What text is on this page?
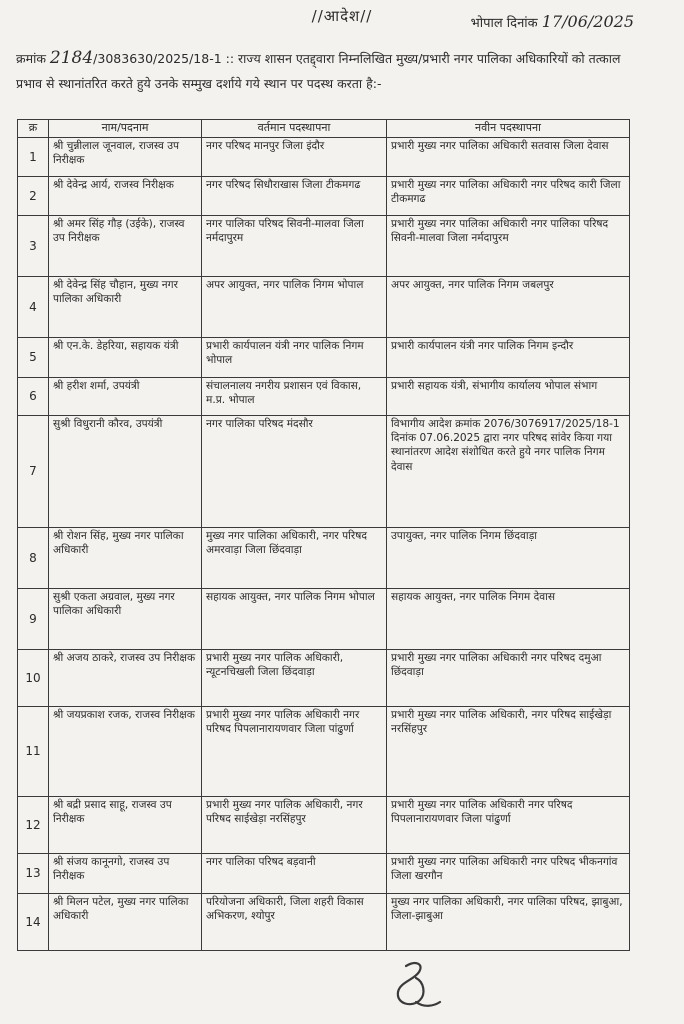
//आदेश//	भोपाल दिनांक 17/06/2025
क्रमांक 2184/3083630/2025/18-1 :: राज्य शासन एतद्द्वारा निम्नलिखित मुख्य/प्रभारी नगर पालिका अधिकारियों को तत्काल प्रभाव से स्थानांतरित करते हुये उनके सम्मुख दर्शाये गये स्थान पर पदस्थ करता है:-
क्र	नाम/पदनाम	वर्तमान पदस्थापना	नवीन पदस्थापना
1	श्री चुन्नीलाल जूनवाल, राजस्व उप निरीक्षक	नगर परिषद मानपुर जिला इंदौर	प्रभारी मुख्य नगर पालिका अधिकारी सतवास जिला देवास
2	श्री देवेन्द्र आर्य, राजस्व निरीक्षक	नगर परिषद सिधौराखास जिला टीकमगढ	प्रभारी मुख्य नगर पालिका अधिकारी नगर परिषद कारी जिला टीकमगढ
3	श्री अमर सिंह गौड़ (उईके), राजस्व उप निरीक्षक	नगर पालिका परिषद सिवनी-मालवा जिला नर्मदापुरम	प्रभारी मुख्य नगर पालिका अधिकारी नगर पालिका परिषद सिवनी-मालवा जिला नर्मदापुरम
4	श्री देवेन्द्र सिंह चौहान, मुख्य नगर पालिका अधिकारी	अपर आयुक्त, नगर पालिक निगम भोपाल	अपर आयुक्त, नगर पालिक निगम जबलपुर
5	श्री एन.के. डेहरिया, सहायक यंत्री	प्रभारी कार्यपालन यंत्री नगर पालिक निगम भोपाल	प्रभारी कार्यपालन यंत्री नगर पालिक निगम इन्दौर
6	श्री हरीश शर्मा, उपयंत्री	संचालनालय नगरीय प्रशासन एवं विकास, म.प्र. भोपाल	प्रभारी सहायक यंत्री, संभागीय कार्यालय भोपाल संभाग
7	सुश्री विधुरानी कौरव, उपयंत्री	नगर पालिका परिषद मंदसौर	विभागीय आदेश क्रमांक 2076/3076917/2025/18-1 दिनांक 07.06.2025 द्वारा नगर परिषद सांवेर किया गया स्थानांतरण आदेश संशोधित करते हुये नगर पालिक निगम देवास
8	श्री रोशन सिंह, मुख्य नगर पालिका अधिकारी	मुख्य नगर पालिका अधिकारी, नगर परिषद अमरवाड़ा जिला छिंदवाड़ा	उपायुक्त, नगर पालिक निगम छिंदवाड़ा
9	सुश्री एकता अग्रवाल, मुख्य नगर पालिका अधिकारी	सहायक आयुक्त, नगर पालिक निगम भोपाल	सहायक आयुक्त, नगर पालिक निगम देवास
10	श्री अजय ठाकरे, राजस्व उप निरीक्षक	प्रभारी मुख्य नगर पालिक अधिकारी, न्यूटनचिखली जिला छिंदवाड़ा	प्रभारी मुख्य नगर पालिका अधिकारी नगर परिषद दमुआ छिंदवाड़ा
11	श्री जयप्रकाश रजक, राजस्व निरीक्षक	प्रभारी मुख्य नगर पालिक अधिकारी नगर परिषद पिपलानारायणवार जिला पांढुर्णा	प्रभारी मुख्य नगर पालिक अधिकारी, नगर परिषद साईखेड़ा नरसिंहपुर
12	श्री बद्री प्रसाद साहू, राजस्व उप निरीक्षक	प्रभारी मुख्य नगर पालिक अधिकारी, नगर परिषद साईखेड़ा नरसिंहपुर	प्रभारी मुख्य नगर पालिक अधिकारी नगर परिषद पिपलानारायणवार जिला पांढुर्णा
13	श्री संजय कानूनगो, राजस्व उप निरीक्षक	नगर पालिका परिषद बड़वानी	प्रभारी मुख्य नगर पालिका अधिकारी नगर परिषद भीकनगांव जिला खरगौन
14	श्री मिलन पटेल, मुख्य नगर पालिका अधिकारी	परियोजना अधिकारी, जिला शहरी विकास अभिकरण, श्योपुर	मुख्य नगर पालिका अधिकारी, नगर पालिका परिषद, झाबुआ, जिला-झाबुआ
